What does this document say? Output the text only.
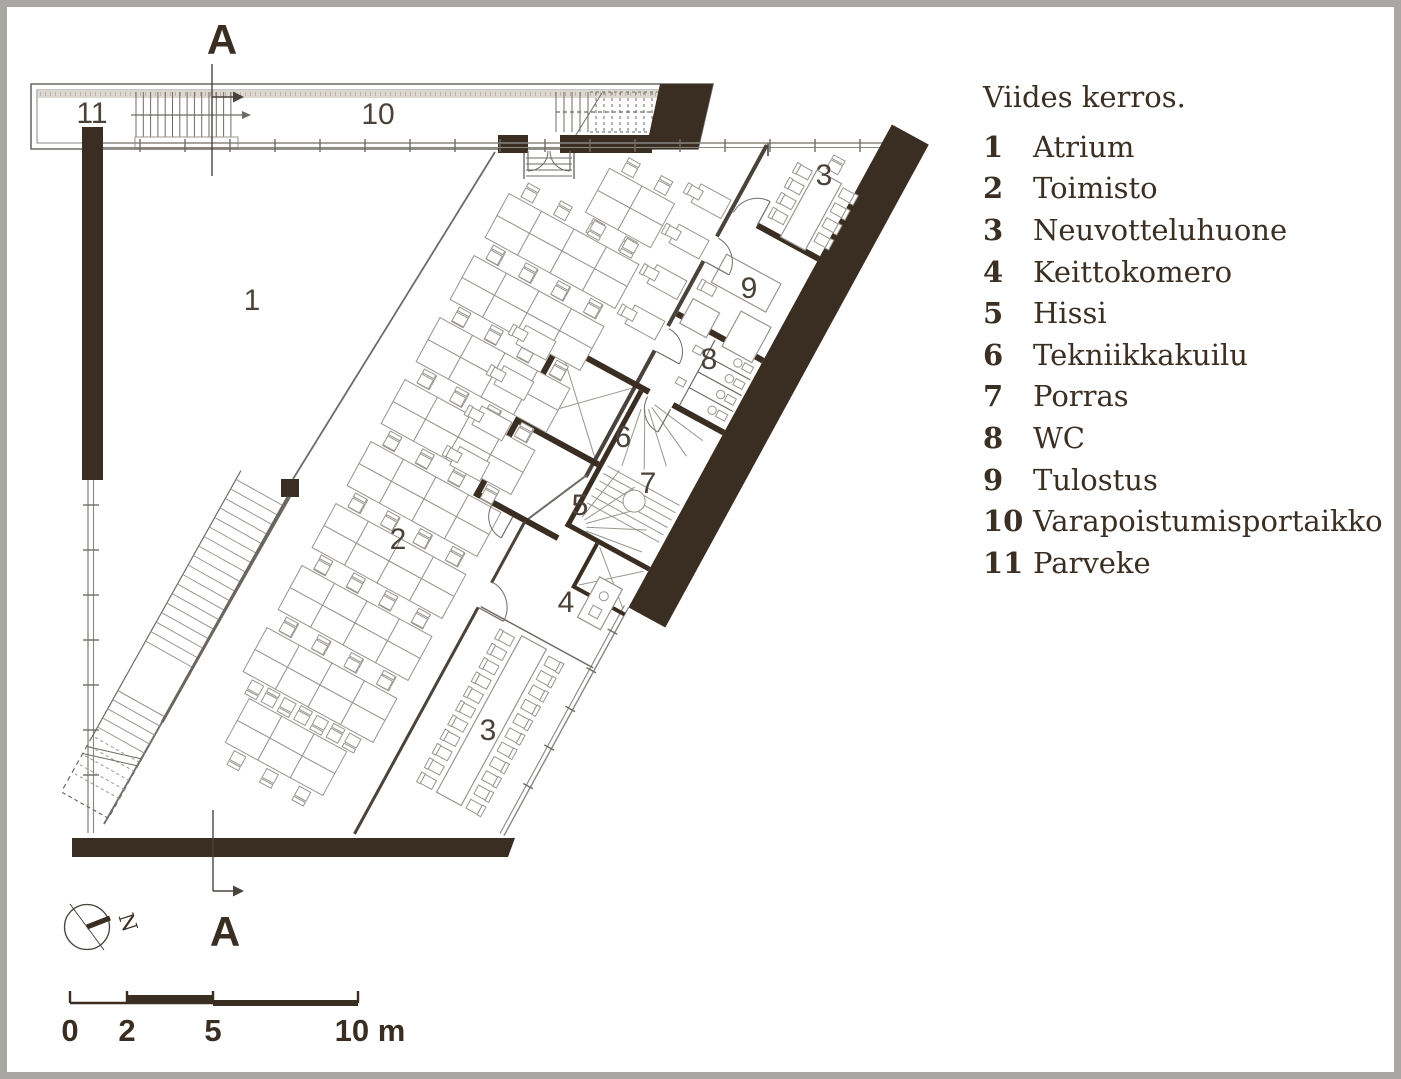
A
A
N
0 2 5	10 m
11	10
1
2
3
9
8
6
7
5
4
3
Viides kerros.
1	Atrium
2	Toimisto
3	Neuvotteluhuone
4	Keittokomero
5	Hissi
6	Tekniikkakuilu
7	Porras
8	WC
9	Tulostus
10 Varapoistumisportaikko
11 Parveke
